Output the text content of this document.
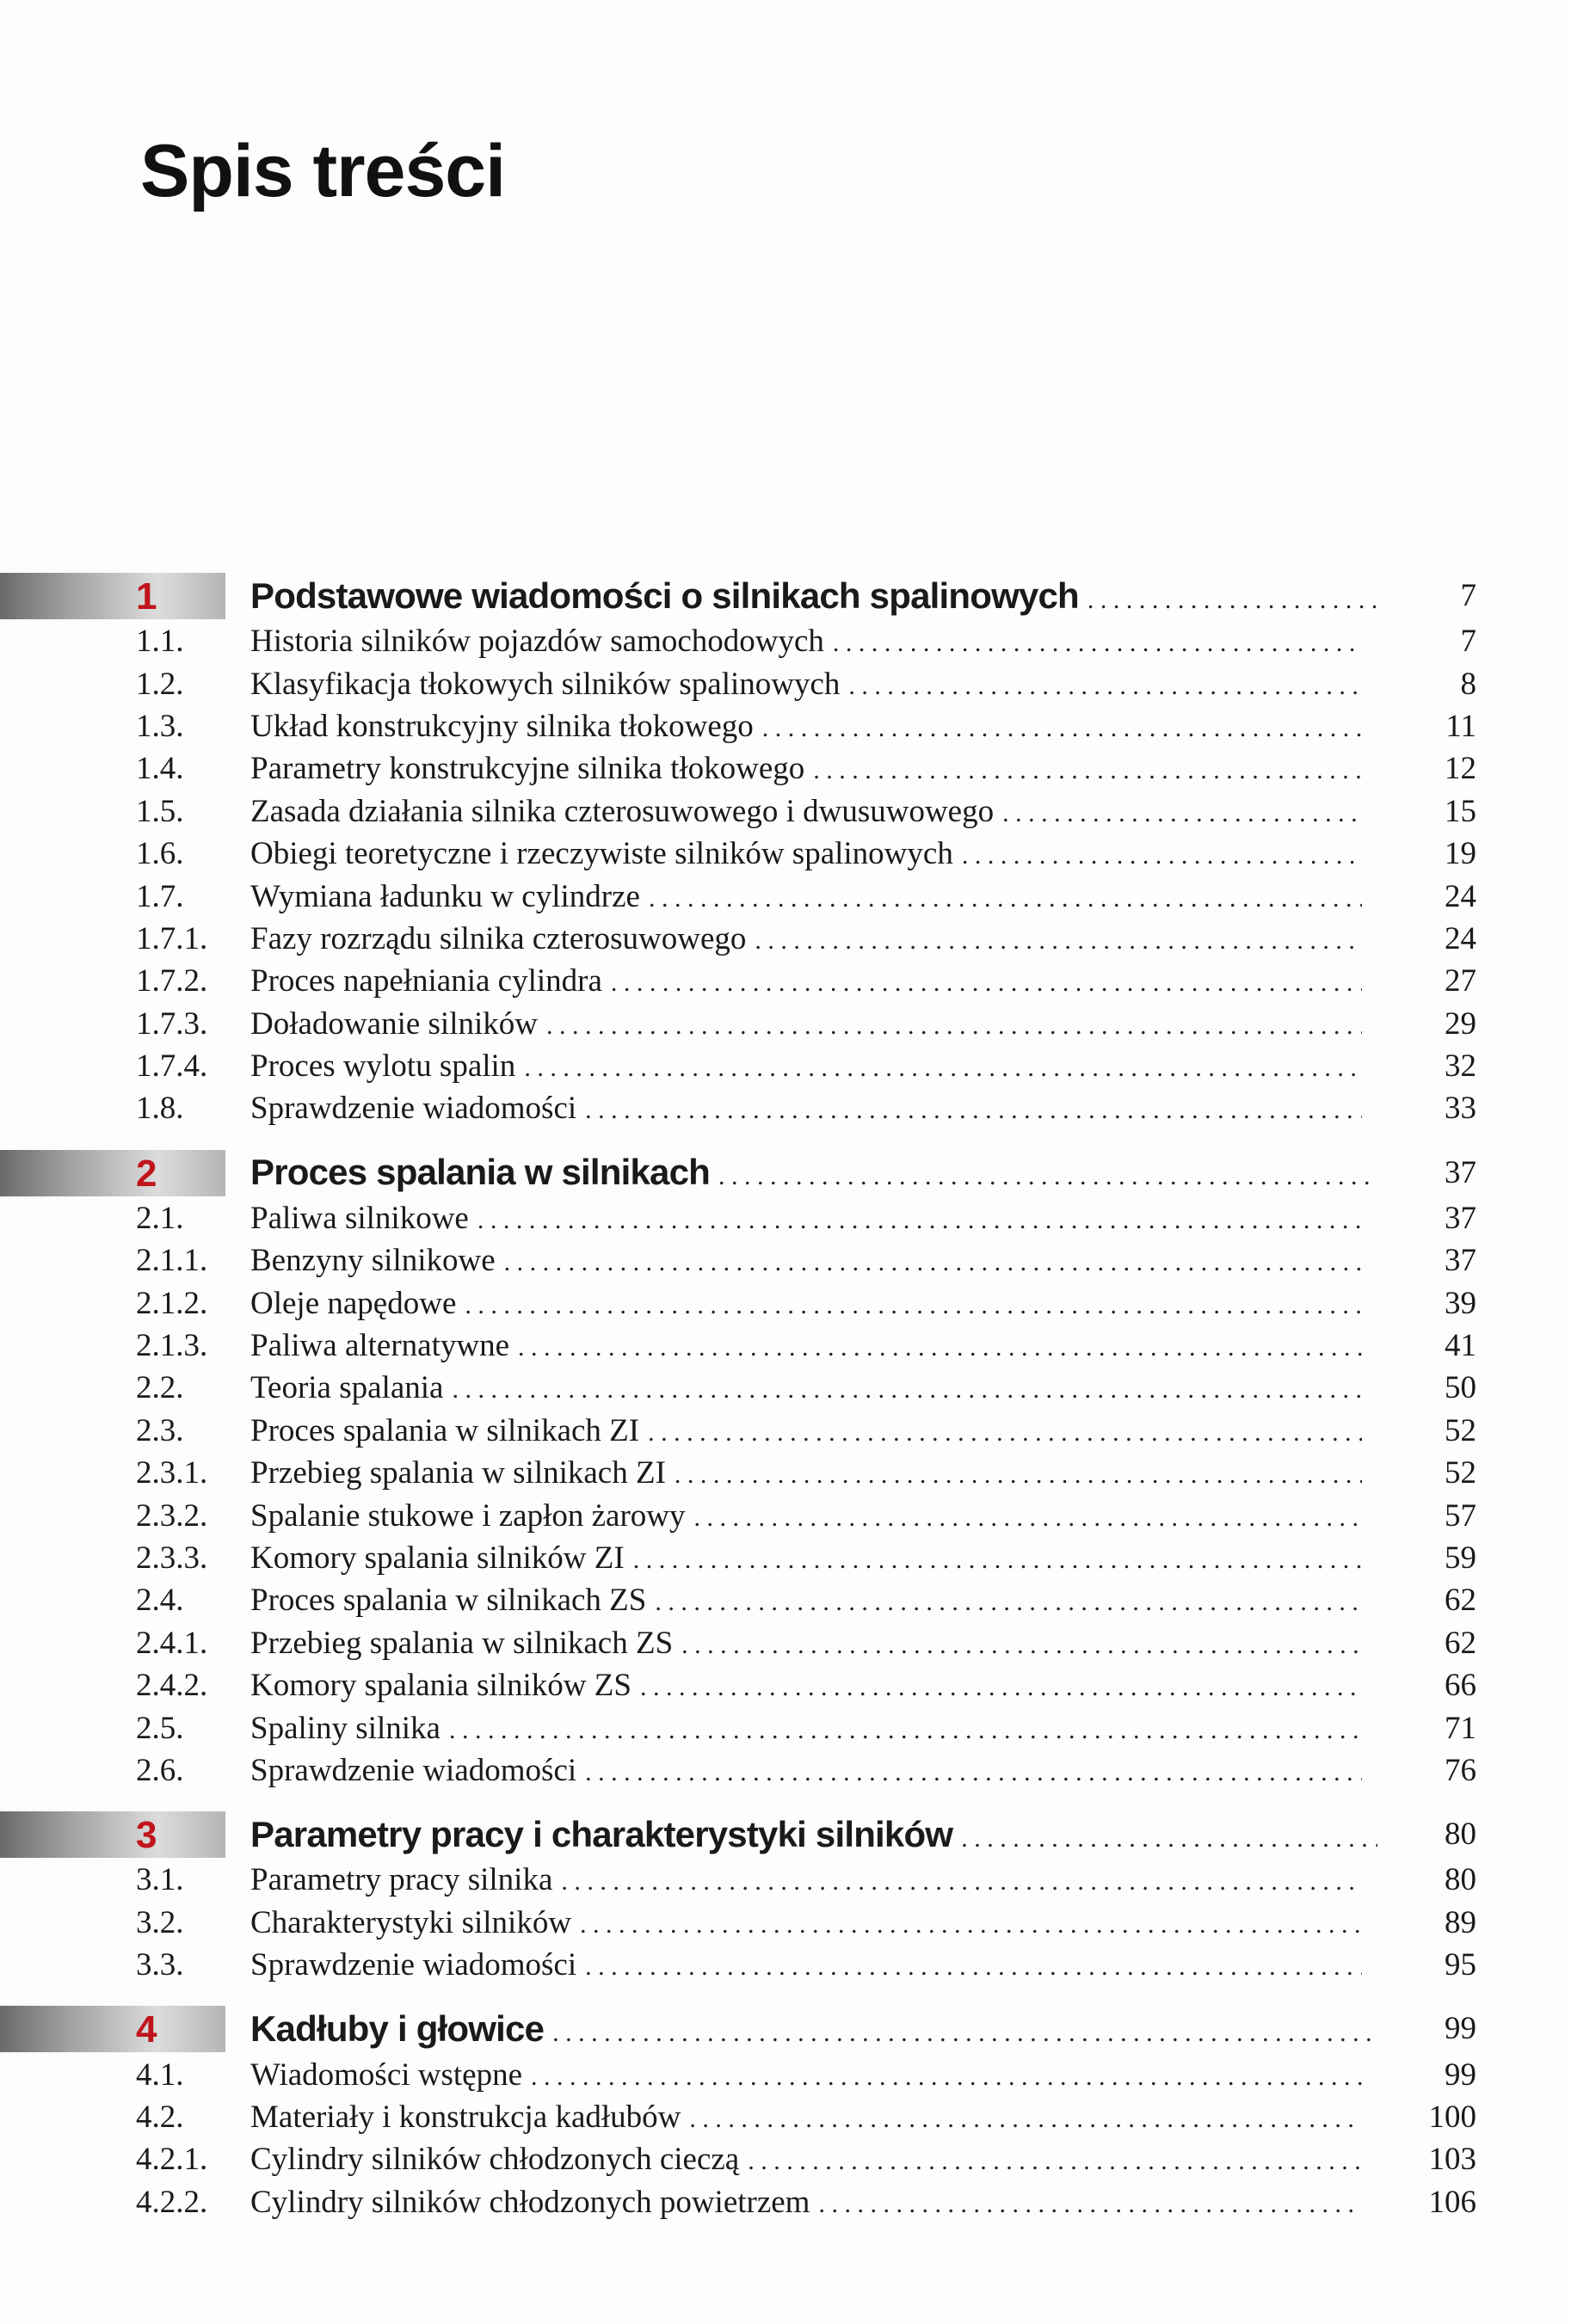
Spis treści
1	Podstawowe wiadomości o silnikach spalinowych . . .	7
1.1.	Historia silników pojazdów samochodowych . . .	7
1.2.	Klasyfikacja tłokowych silników spalinowych . . .	8
1.3.	Układ konstrukcyjny silnika tłokowego . . .	11
1.4.	Parametry konstrukcyjne silnika tłokowego . . .	12
1.5.	Zasada działania silnika czterosuwowego i dwusuwowego . . .	15
1.6.	Obiegi teoretyczne i rzeczywiste silników spalinowych . . .	19
1.7.	Wymiana ładunku w cylindrze . . .	24
1.7.1.	Fazy rozrządu silnika czterosuwowego . . .	24
1.7.2.	Proces napełniania cylindra . . .	27
1.7.3.	Doładowanie silników . . .	29
1.7.4.	Proces wylotu spalin . . .	32
1.8.	Sprawdzenie wiadomości . . .	33
2	Proces spalania w silnikach . . .	37
2.1.	Paliwa silnikowe . . .	37
2.1.1.	Benzyny silnikowe . . .	37
2.1.2.	Oleje napędowe . . .	39
2.1.3.	Paliwa alternatywne . . .	41
2.2.	Teoria spalania . . .	50
2.3.	Proces spalania w silnikach ZI . . .	52
2.3.1.	Przebieg spalania w silnikach ZI . . .	52
2.3.2.	Spalanie stukowe i zapłon żarowy . . .	57
2.3.3.	Komory spalania silników ZI . . .	59
2.4.	Proces spalania w silnikach ZS . . .	62
2.4.1.	Przebieg spalania w silnikach ZS . . .	62
2.4.2.	Komory spalania silników ZS . . .	66
2.5.	Spaliny silnika . . .	71
2.6.	Sprawdzenie wiadomości . . .	76
3	Parametry pracy i charakterystyki silników . . .	80
3.1.	Parametry pracy silnika . . .	80
3.2.	Charakterystyki silników . . .	89
3.3.	Sprawdzenie wiadomości . . .	95
4	Kadłuby i głowice . . .	99
4.1.	Wiadomości wstępne . . .	99
4.2.	Materiały i konstrukcja kadłubów . . .	100
4.2.1.	Cylindry silników chłodzonych cieczą . . .	103
4.2.2.	Cylindry silników chłodzonych powietrzem . . .	106
